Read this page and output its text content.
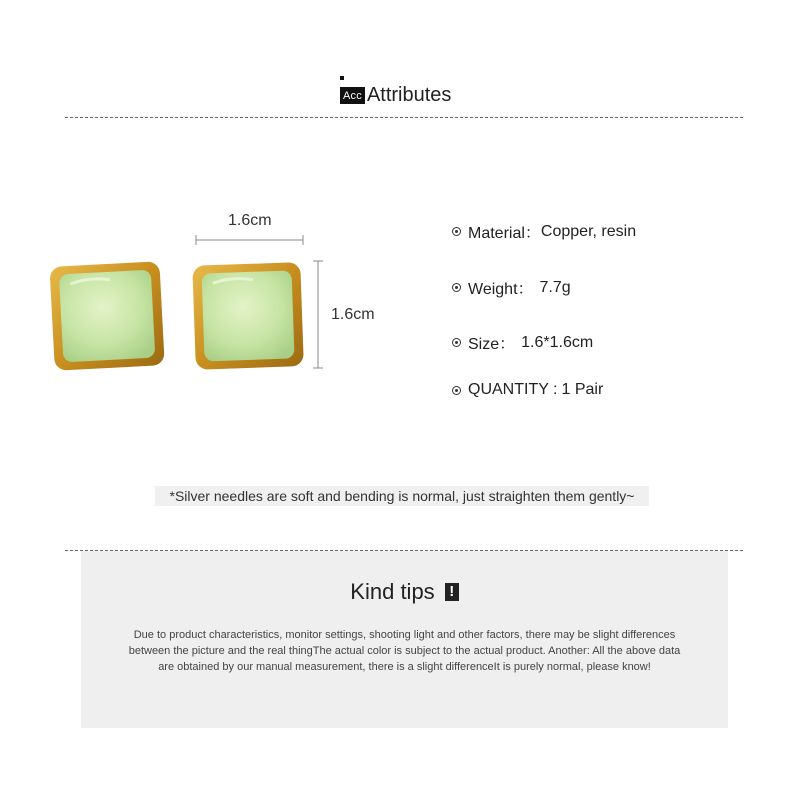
Acc Attributes
1.6cm
1.6cm
Material： Copper, resin
Weight： 7.7g
Size： 1.6*1.6cm
QUANTITY : 1 Pair
*Silver needles are soft and bending is normal, just straighten them gently~
Kind tips !
Due to product characteristics, monitor settings, shooting light and other factors, there may be slight differences between the picture and the real thingThe actual color is subject to the actual product. Another: All the above data are obtained by our manual measurement, there is a slight differenceIt is purely normal, please know!
